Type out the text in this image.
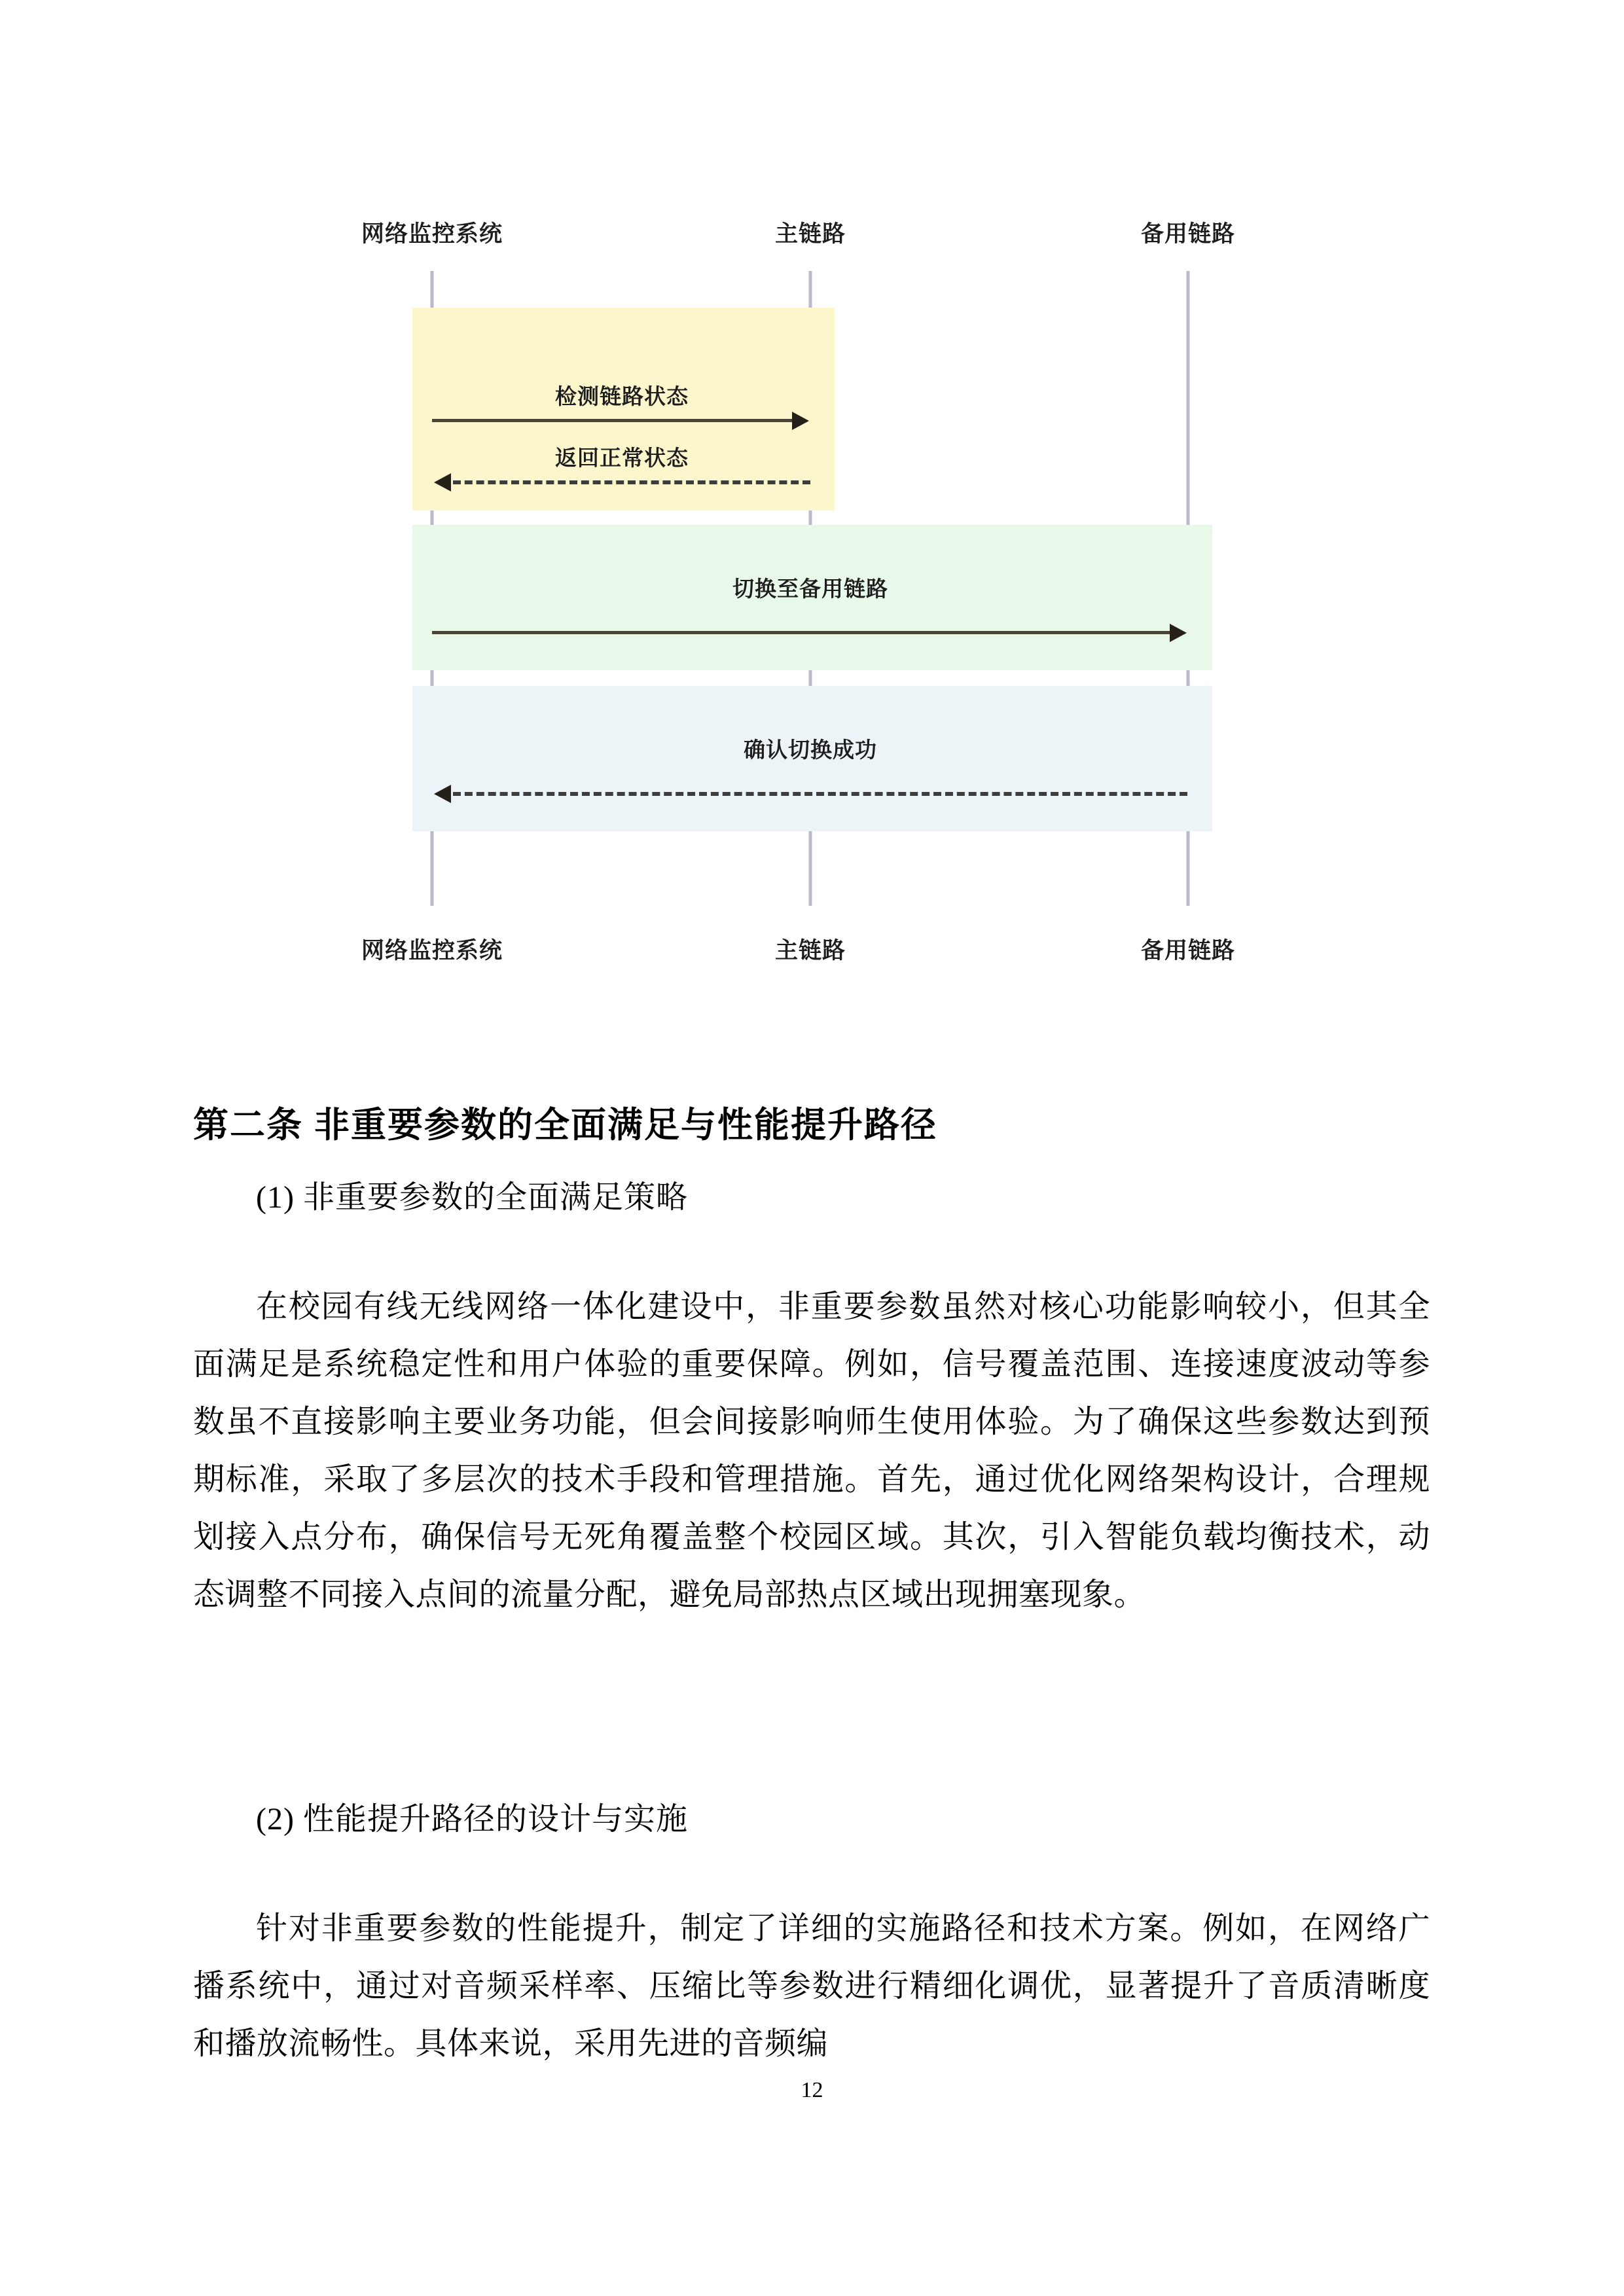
网络监控系统	主链路	备用链路
检测链路状态
返回正常状态
切换至备用链路
确认切换成功
网络监控系统	主链路	备用链路
第二条 非重要参数的全面满足与性能提升路径
(1) 非重要参数的全面满足策略

在校园有线无线网络一体化建设中，非重要参数虽然对核心功能影响较小，但其全面满足是系统稳定性和用户体验的重要保障。例如，信号覆盖范围、连接速度波动等参数虽不直接影响主要业务功能，但会间接影响师生使用体验。为了确保这些参数达到预期标准，采取了多层次的技术手段和管理措施。首先，通过优化网络架构设计，合理规划接入点分布，确保信号无死角覆盖整个校园区域。其次，引入智能负载均衡技术，动态调整不同接入点间的流量分配，避免局部热点区域出现拥塞现象。

(2) 性能提升路径的设计与实施

针对非重要参数的性能提升，制定了详细的实施路径和技术方案。例如，在网络广播系统中，通过对音频采样率、压缩比等参数进行精细化调优，显著提升了音质清晰度和播放流畅性。具体来说，采用先进的音频编

12
